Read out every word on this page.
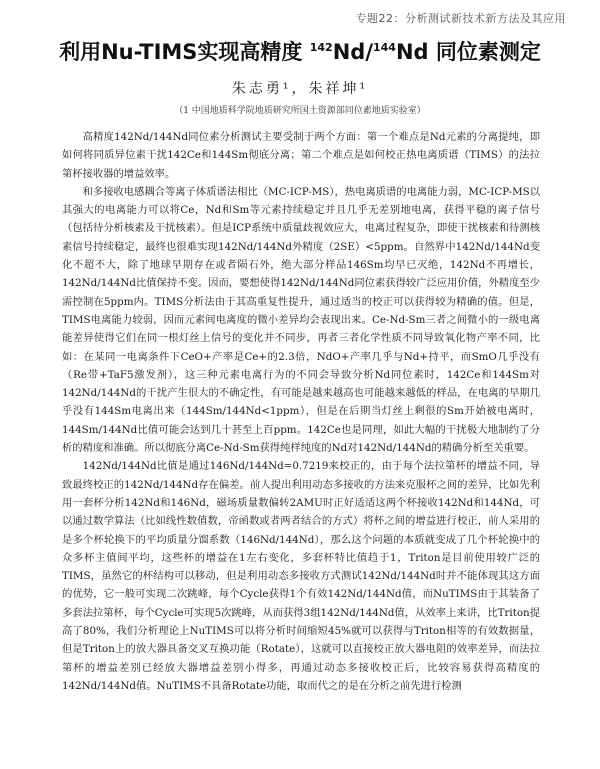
专题22：分析测试新技术新方法及其应用
利用Nu-TIMS实现高精度 $^{142}$Nd/$^{144}$Nd 同位素测定
朱志勇¹，朱祥坤¹
（1 中国地质科学院地质研究所国土资源部同位素地质实验室）

高精度142Nd/144Nd同位素分析测试主要受制于两个方面：第一个难点是Nd元素的分离提纯，即如何将同质异位素干扰142Ce和144Sm彻底分离；第二个难点是如何校正热电离质谱（TIMS）的法拉第杯接收器的增益效率。

和多接收电感耦合等离子体质谱法相比（MC-ICP-MS），热电离质谱的电离能力弱，MC-ICP-MS以其强大的电离能力可以将Ce，Nd和Sm等元素持续稳定并且几乎无差别地电离，获得平稳的离子信号（包括待分析核素及干扰核素）。但是ICP系统中质量歧视效应大，电离过程复杂，即使干扰核素和待测核素信号持续稳定，最终也很难实现142Nd/144Nd外精度（2SE）<5ppm。自然界中142Nd/144Nd变化不超不大，除了地球早期存在或者陨石外，绝大部分样品146Sm均早已灭绝，142Nd不再增长，142Nd/144Nd比值保持不变。因而，要想使得142Nd/144Nd同位素获得较广泛应用价值，外精度至少需控制在5ppm内。TIMS分析法由于其高重复性提升，通过适当的校正可以获得较为精确的值。但是，TIMS电离能力较弱，因而元素间电离度的微小差异均会表现出来。Ce-Nd-Sm三者之间微小的一级电离能差异使得它们在同一根灯丝上信号的变化并不同步，再者三者化学性质不同导致氧化物产率不同，比如：在某同一电离条件下CeO+产率是Ce+的2.3倍，NdO+产率几乎与Nd+持平，而SmO几乎没有（Re带+TaF5激发剂），这三种元素电离行为的不同会导致分析Nd同位素时，142Ce和144Sm对142Nd/144Nd的干扰产生很大的不确定性，有可能是越来越高也可能越来越低的样品，在电离的早期几乎没有144Sm电离出来（144Sm/144Nd<1ppm），但是在后期当灯丝上剩很的Sm开始被电离时，144Sm/144Nd比值可能会达到几十甚至上百ppm。142Ce也是同理，如此大幅的干扰极大地制约了分析的精度和准确。所以彻底分离Ce-Nd-Sm获得纯样纯度的Nd对142Nd/144Nd的精确分析至关重要。

142Nd/144Nd比值是通过146Nd/144Nd=0.7219来校正的，由于每个法拉第杯的增益不同，导致最终校正的142Nd/144Nd存在偏差。前人提出利用动态多接收的方法来克服杯之间的差异，比如先利用一套杯分析142Nd和146Nd，磁场质量数偏转2AMU时正好适适这两个杯接收142Nd和144Nd，可以通过数学算法（比如线性数值数，帝函数或者两者结合的方式）将杯之间的增益进行校正，前人采用的是多个杯轮换下的平均质量分馏系数（146Nd/144Nd），那么这个问题的本质就变成了几个杯轮换中的众多杯主值间平均，这些杯的增益在1左右变化，多套杯特比值趋于1，Triton是目前使用较广泛的TIMS，虽然它的杯结构可以移动，但是利用动态多接收方式测试142Nd/144Nd时并不能体现其这方面的优势，它一般可实现二次跳峰，每个Cycle获得1个有效142Nd/144Nd值，而NuTIMS由于其装备了多套法拉第杯，每个Cycle可实现5次跳峰，从而获得3组142Nd/144Nd值，从效率上来讲，比Triton提高了80%，我们分析理论上NuTIMS可以将分析时间缩短45%就可以获得与Triton相等的有效数据量，但是Triton上的放大器具备交叉互换功能（Rotate），这就可以直接校正放大器电阻的效率差异，而法拉第杯的增益差别已经放大器增益差别小得多，再通过动态多接收校正后，比较容易获得高精度的142Nd/144Nd值。NuTIMS不具备Rotate功能，取而代之的是在分析之前先进行检测
